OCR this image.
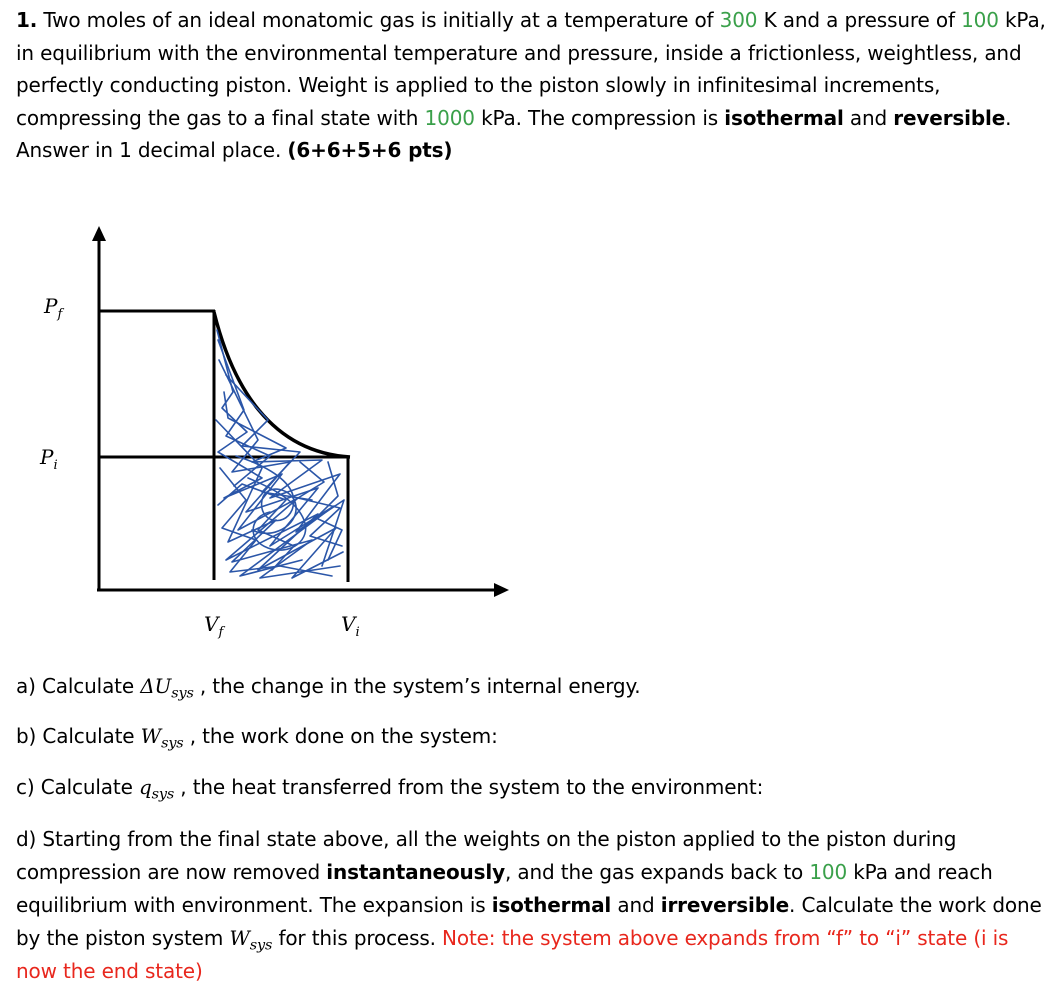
1. Two moles of an ideal monatomic gas is initially at a temperature of 300 K and a pressure of 100 kPa, in equilibrium with the environmental temperature and pressure, inside a frictionless, weightless, and perfectly conducting piston. Weight is applied to the piston slowly in infinitesimal increments, compressing the gas to a final state with 1000 kPa. The compression is isothermal and reversible. Answer in 1 decimal place. (6+6+5+6 pts)
$P_f$
$P_i$
$V_f$	$V_i$
a) Calculate $\Delta U_{sys}$ , the change in the system’s internal energy.
b) Calculate $W_{sys}$ , the work done on the system:
c) Calculate $q_{sys}$ , the heat transferred from the system to the environment:
d) Starting from the final state above, all the weights on the piston applied to the piston during compression are now removed instantaneously, and the gas expands back to 100 kPa and reach equilibrium with environment. The expansion is isothermal and irreversible. Calculate the work done by the piston system $W_{sys}$ for this process. Note: the system above expands from “f” to “i” state (i is now the end state)
